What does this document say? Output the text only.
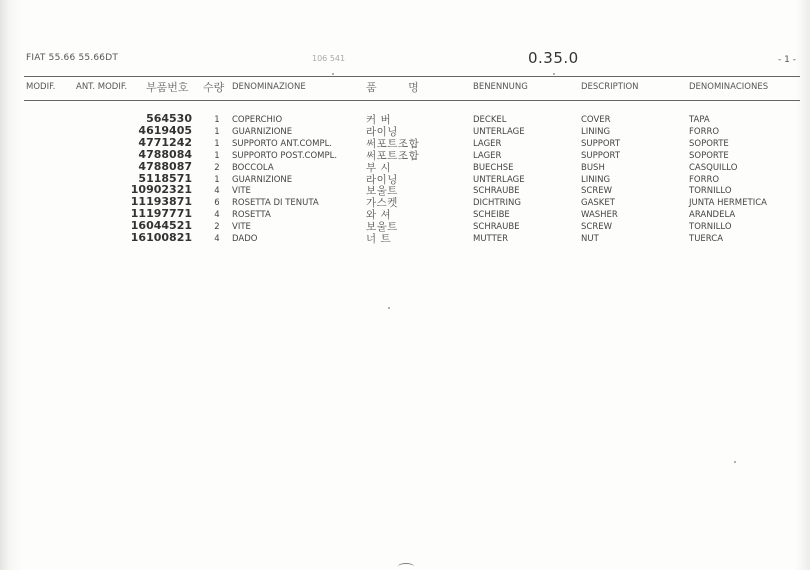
FIAT 55.66 55.66DT	106 541	0.35.0	- 1 -
MODIF. ANT. MODIF. 부품번호 수량 DENOMINAZIONE	품 명	BENENNUNG	DESCRIPTION	DENOMINACIONES
564530	1 COPERCHIO	커 버	DECKEL	COVER	TAPA
4619405	1 GUARNIZIONE	라이닝	UNTERLAGE	LINING	FORRO
4771242	1 SUPPORTO ANT.COMPL.	써포트조합	LAGER	SUPPORT	SOPORTE
4788084	1 SUPPORTO POST.COMPL.	써포트조합	LAGER	SUPPORT	SOPORTE
4788087	2 BOCCOLA	부 시	BUECHSE	BUSH	CASQUILLO
5118571	1 GUARNIZIONE	라이닝	UNTERLAGE	LINING	FORRO
10902321	4 VITE	보울트	SCHRAUBE	SCREW	TORNILLO
11193871	6 ROSETTA DI TENUTA	가스켓	DICHTRING	GASKET	JUNTA HERMETICA
11197771	4 ROSETTA	와 셔	SCHEIBE	WASHER	ARANDELA
16044521	2 VITE	보울트	SCHRAUBE	SCREW	TORNILLO
16100821	4 DADO	너 트	MUTTER	NUT	TUERCA
